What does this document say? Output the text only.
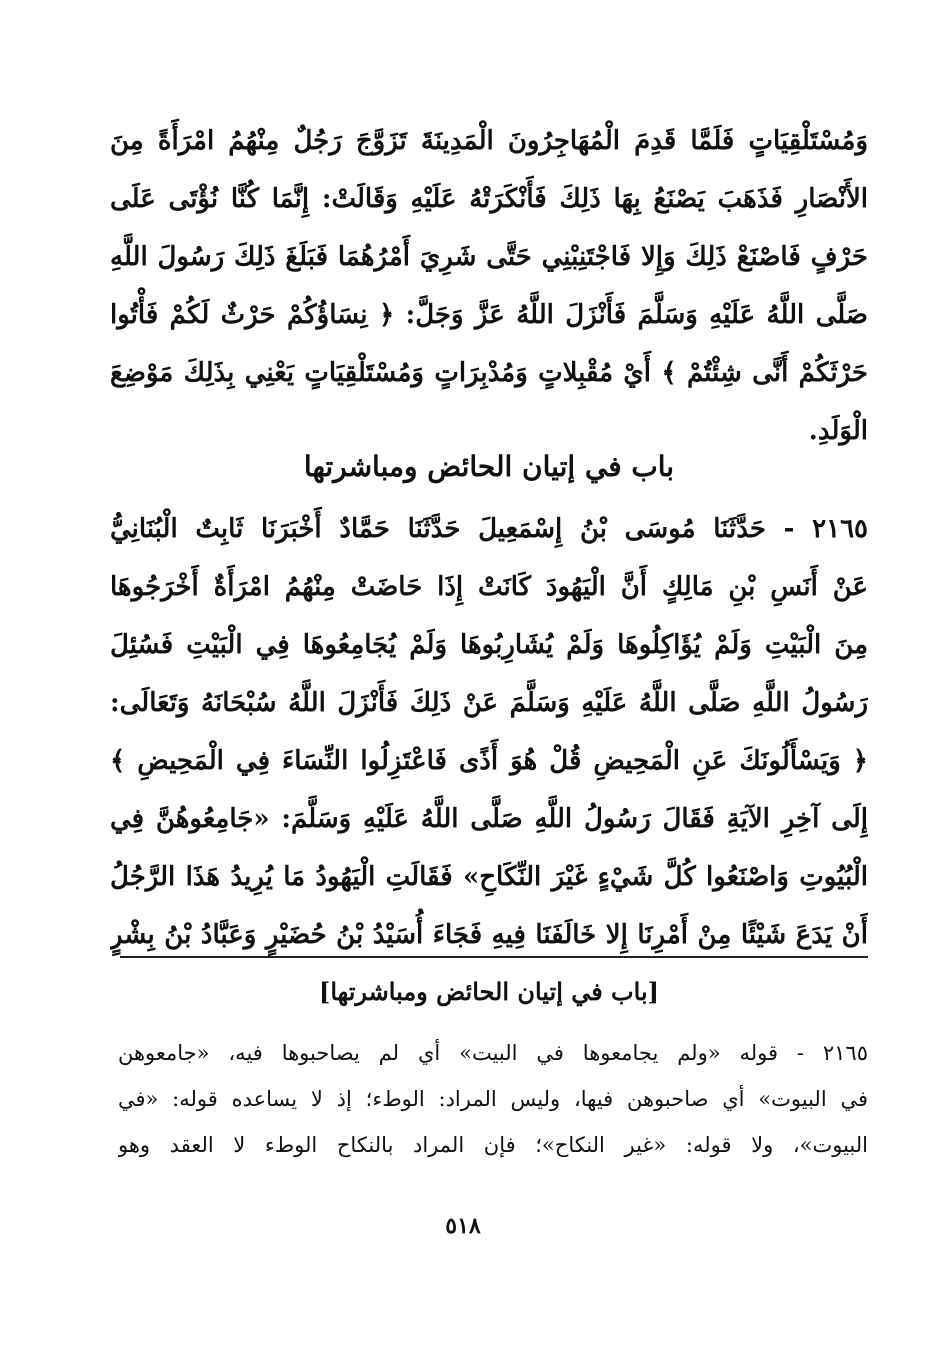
وَمُسْتَلْقِيَاتٍ فَلَمَّا قَدِمَ الْمُهَاجِرُونَ الْمَدِينَةَ تَزَوَّجَ رَجُلٌ مِنْهُمُ امْرَأَةً مِنَ
الأَنْصَارِ فَذَهَبَ يَصْنَعُ بِهَا ذَلِكَ فَأَنْكَرَتْهُ عَلَيْهِ وَقَالَتْ: إِنَّمَا كُنَّا نُؤْتَى عَلَى
حَرْفٍ فَاصْنَعْ ذَلِكَ وَإِلا فَاجْتَنِبْنِي حَتَّى شَرِيَ أَمْرُهُمَا فَبَلَغَ ذَلِكَ رَسُولَ اللَّهِ
صَلَّى اللَّهُ عَلَيْهِ وَسَلَّمَ فَأَنْزَلَ اللَّهُ عَزَّ وَجَلَّ: ﴿ نِسَاؤُكُمْ حَرْثٌ لَكُمْ فَأْتُوا
حَرْثَكُمْ أَنَّى شِئْتُمْ ﴾ أَيْ مُقْبِلاتٍ وَمُدْبِرَاتٍ وَمُسْتَلْقِيَاتٍ يَعْنِي بِذَلِكَ مَوْضِعَ
الْوَلَدِ.
باب في إتيان الحائض ومباشرتها
٢١٦٥ - حَدَّثَنَا مُوسَى بْنُ إِسْمَعِيلَ حَدَّثَنَا حَمَّادٌ أَخْبَرَنَا ثَابِتٌ الْبُنَانِيُّ
عَنْ أَنَسِ بْنِ مَالِكٍ أَنَّ الْيَهُودَ كَانَتْ إِذَا حَاضَتْ مِنْهُمُ امْرَأَةٌ أَخْرَجُوهَا
مِنَ الْبَيْتِ وَلَمْ يُؤَاكِلُوهَا وَلَمْ يُشَارِبُوهَا وَلَمْ يُجَامِعُوهَا فِي الْبَيْتِ فَسُئِلَ
رَسُولُ اللَّهِ صَلَّى اللَّهُ عَلَيْهِ وَسَلَّمَ عَنْ ذَلِكَ فَأَنْزَلَ اللَّهُ سُبْحَانَهُ وَتَعَالَى:
﴿ وَيَسْأَلُونَكَ عَنِ الْمَحِيضِ قُلْ هُوَ أَذًى فَاعْتَزِلُوا النِّسَاءَ فِي الْمَحِيضِ ﴾
إِلَى آخِرِ الآيَةِ فَقَالَ رَسُولُ اللَّهِ صَلَّى اللَّهُ عَلَيْهِ وَسَلَّمَ: «جَامِعُوهُنَّ فِي
الْبُيُوتِ وَاصْنَعُوا كُلَّ شَيْءٍ غَيْرَ النِّكَاحِ» فَقَالَتِ الْيَهُودُ مَا يُرِيدُ هَذَا الرَّجُلُ
أَنْ يَدَعَ شَيْئًا مِنْ أَمْرِنَا إِلا خَالَفَنَا فِيهِ فَجَاءَ أُسَيْدُ بْنُ حُضَيْرٍ وَعَبَّادُ بْنُ بِشْرٍ
[باب في إتيان الحائض ومباشرتها]
٢١٦٥ - قوله «ولم يجامعوها في البيت» أي لم يصاحبوها فيه، «جامعوهن
في البيوت» أي صاحبوهن فيها، وليس المراد: الوطء؛ إذ لا يساعده قوله: «في
البيوت»، ولا قوله: «غير النكاح»؛ فإن المراد بالنكاح الوطء لا العقد وهو
٥١٨
